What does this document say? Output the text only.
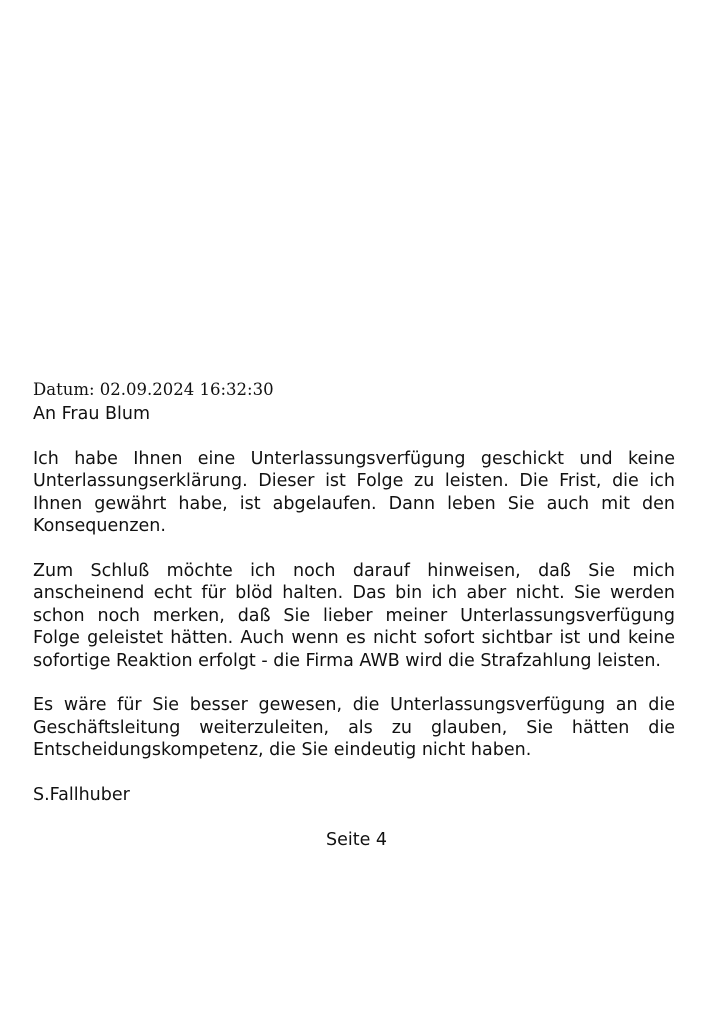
Datum: 02.09.2024 16:32:30

An Frau Blum

Ich habe Ihnen eine Unterlassungsverfügung geschickt und keine Unterlassungserklärung. Dieser ist Folge zu leisten. Die Frist, die ich Ihnen gewährt habe, ist abgelaufen. Dann leben Sie auch mit den Konsequenzen.

Zum Schluß möchte ich noch darauf hinweisen, daß Sie mich anscheinend echt für blöd halten. Das bin ich aber nicht. Sie werden schon noch merken, daß Sie lieber meiner Unterlassungsverfügung Folge geleistet hätten. Auch wenn es nicht sofort sichtbar ist und keine sofortige Reaktion erfolgt - die Firma AWB wird die Strafzahlung leisten.

Es wäre für Sie besser gewesen, die Unterlassungsverfügung an die Geschäftsleitung weiterzuleiten, als zu glauben, Sie hätten die Entscheidungskompetenz, die Sie eindeutig nicht haben.

S.Fallhuber

Seite 4
